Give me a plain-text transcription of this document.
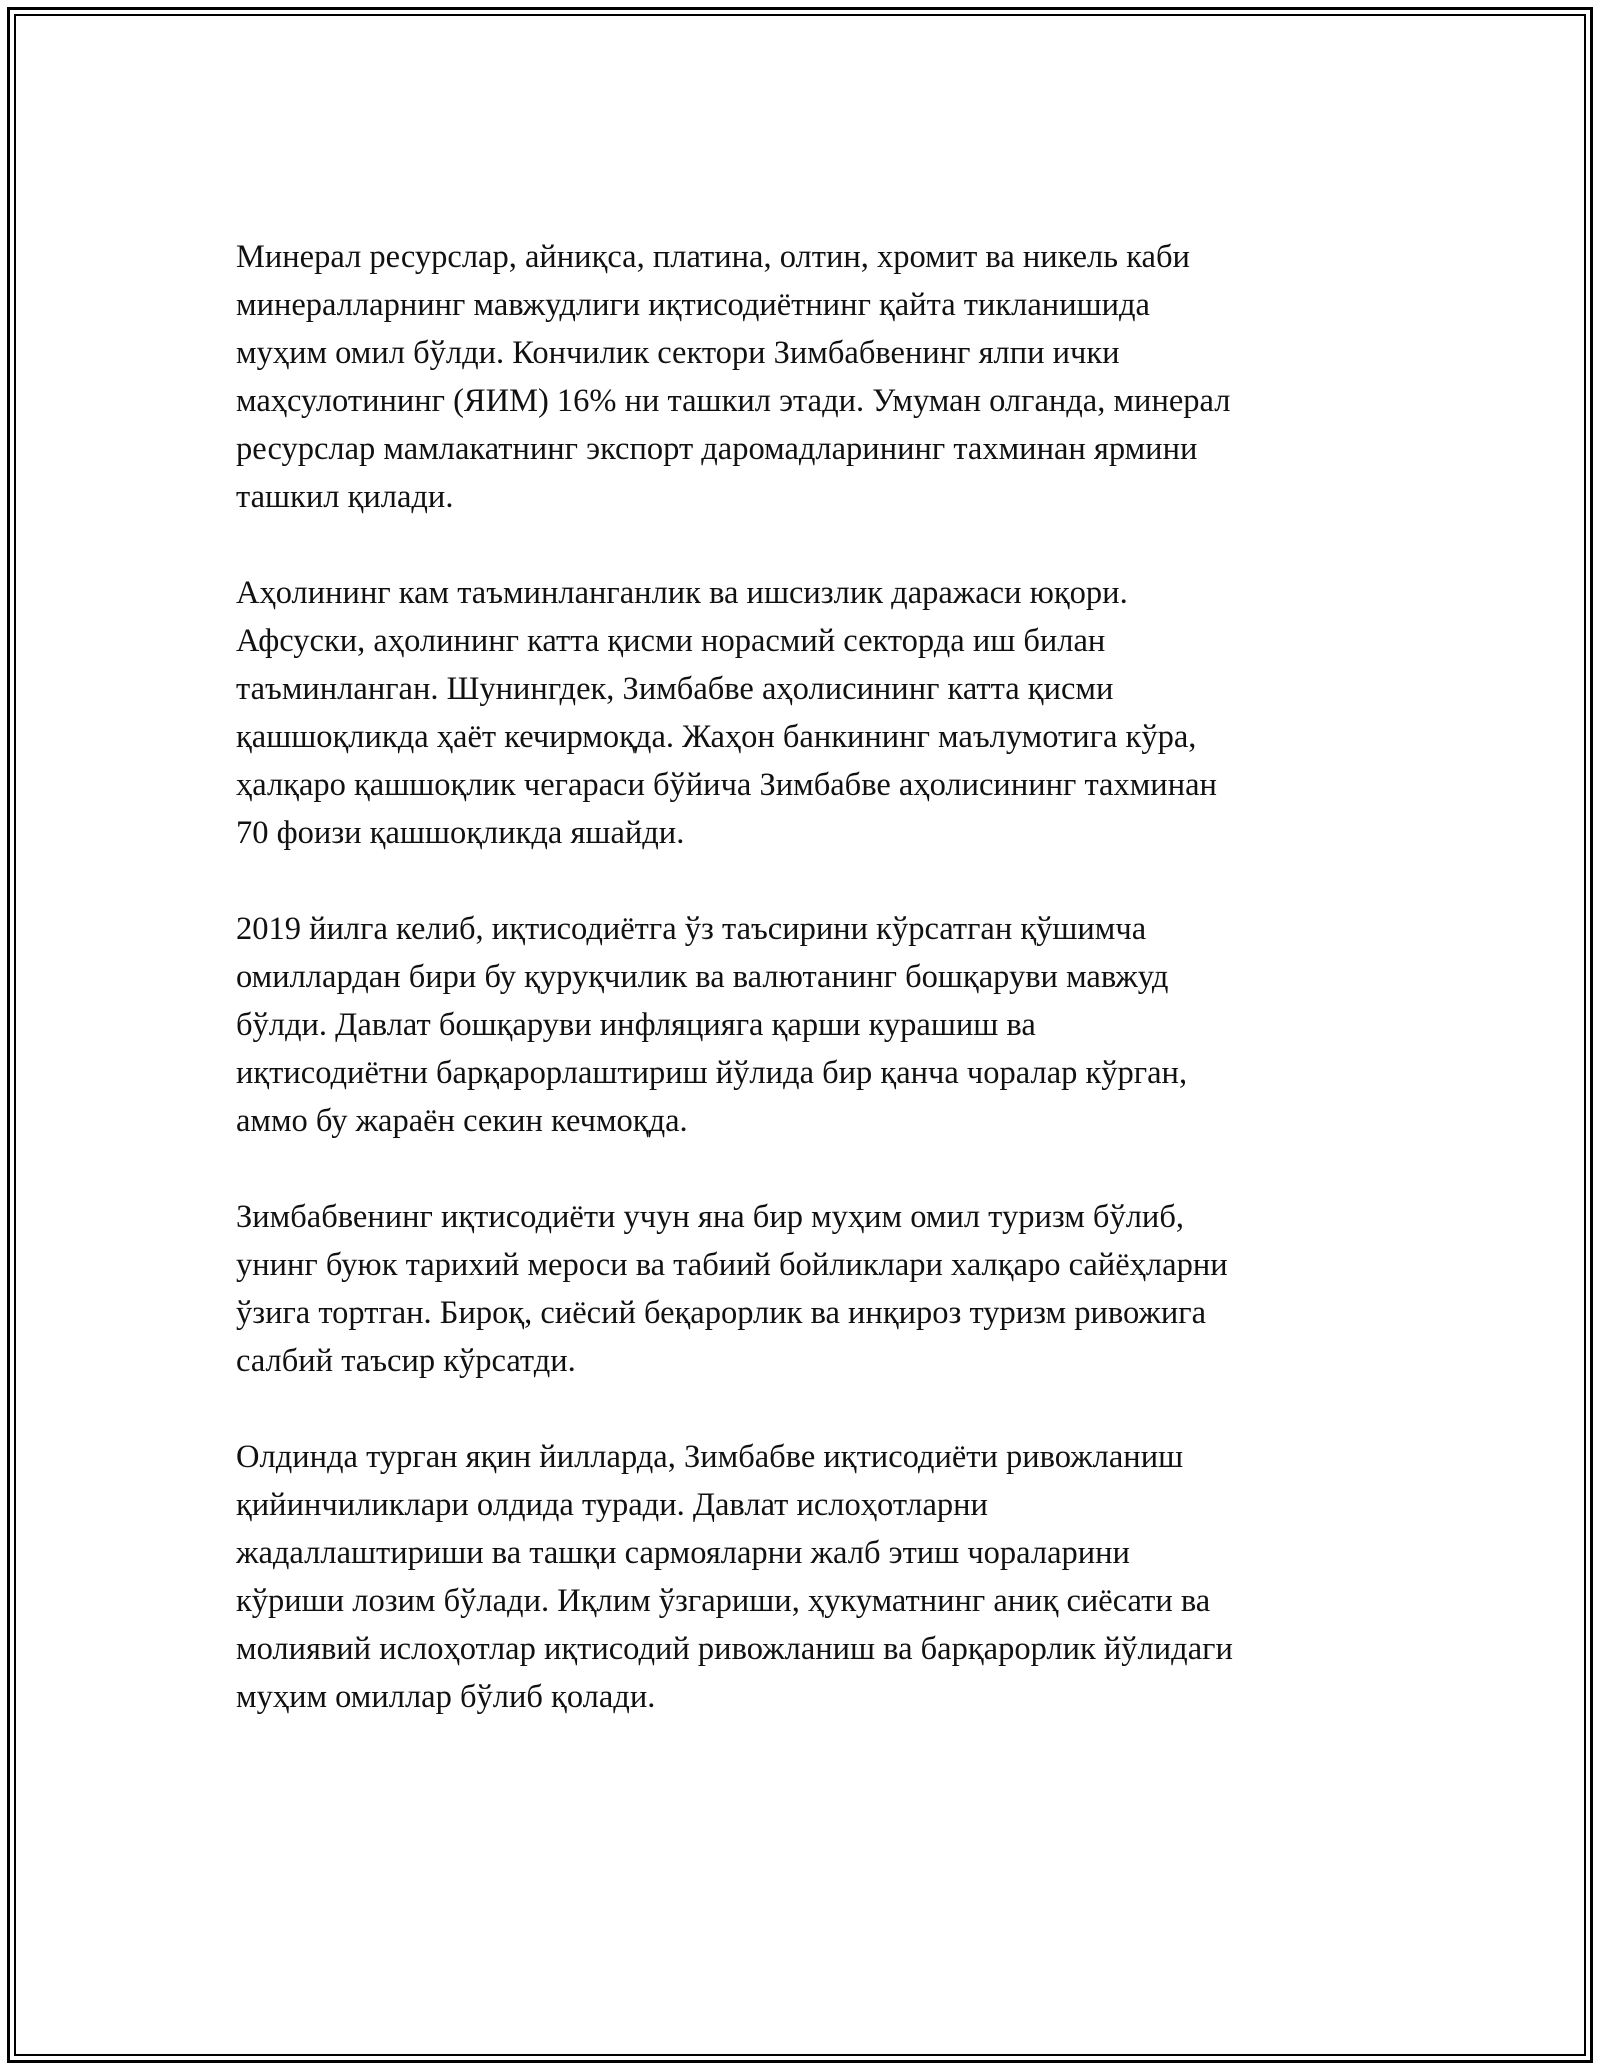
Минерал ресурслар, айниқса, платина, олтин, хромит ва никель каби
минералларнинг мавжудлиги иқтисодиётнинг қайта тикланишида
муҳим омил бўлди. Кончилик сектори Зимбабвенинг ялпи ички
маҳсулотининг (ЯИМ) 16% ни ташкил этади. Умуман олганда, минерал
ресурслар мамлакатнинг экспорт даромадларининг тахминан ярмини
ташкил қилади.

Аҳолининг кам таъминланганлик ва ишсизлик даражаси юқори.
Афсуски, аҳолининг катта қисми норасмий секторда иш билан
таъминланган. Шунингдек, Зимбабве аҳолисининг катта қисми
қашшоқликда ҳаёт кечирмоқда. Жаҳон банкининг маълумотига кўра,
ҳалқаро қашшоқлик чегараси бўйича Зимбабве аҳолисининг тахминан
70 фоизи қашшоқликда яшайди.

2019 йилга келиб, иқтисодиётга ўз таъсирини кўрсатган қўшимча
омиллардан бири бу қуруқчилик ва валютанинг бошқаруви мавжуд
бўлди. Давлат бошқаруви инфляцияга қарши курашиш ва
иқтисодиётни барқарорлаштириш йўлида бир қанча чоралар кўрган,
аммо бу жараён секин кечмоқда.

Зимбабвенинг иқтисодиёти учун яна бир муҳим омил туризм бўлиб,
унинг буюк тарихий мероси ва табиий бойликлари халқаро сайёҳларни
ўзига тортган. Бироқ, сиёсий беқарорлик ва инқироз туризм ривожига
салбий таъсир кўрсатди.

Олдинда турган яқин йилларда, Зимбабве иқтисодиёти ривожланиш
қийинчиликлари олдида туради. Давлат ислоҳотларни
жадаллаштириши ва ташқи сармояларни жалб этиш чораларини
кўриши лозим бўлади. Иқлим ўзгариши, ҳукуматнинг аниқ сиёсати ва
молиявий ислоҳотлар иқтисодий ривожланиш ва барқарорлик йўлидаги
муҳим омиллар бўлиб қолади.
